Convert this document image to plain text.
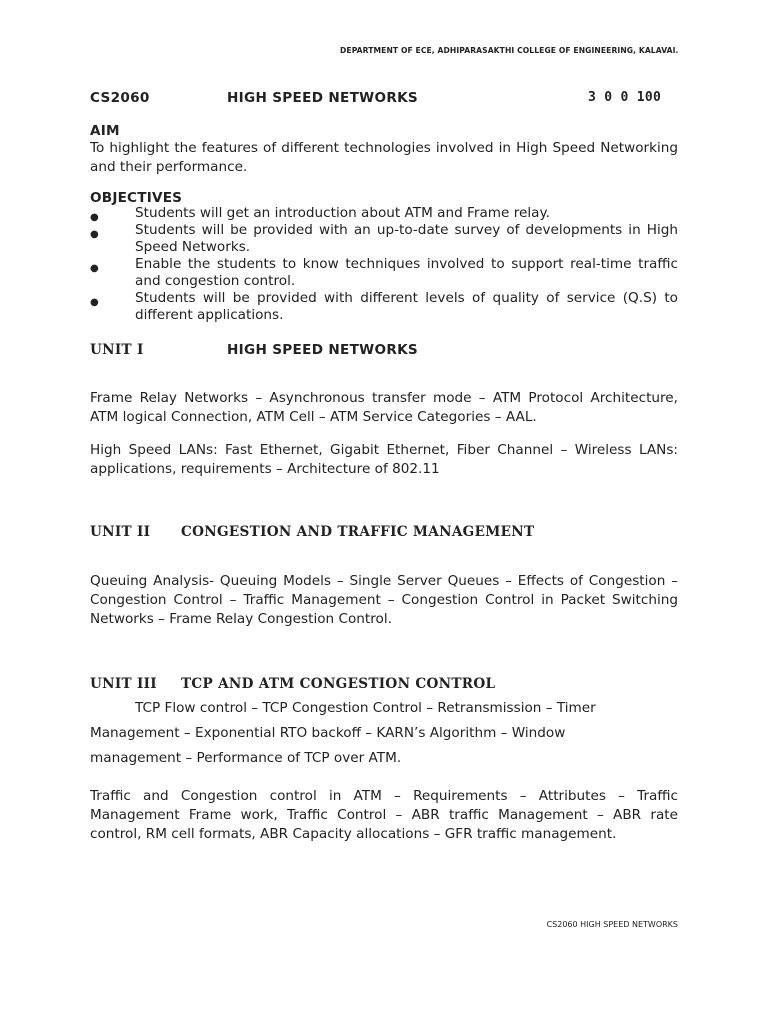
DEPARTMENT OF ECE, ADHIPARASAKTHI COLLEGE OF ENGINEERING, KALAVAI.
CS2060	HIGH SPEED NETWORKS	3 0 0 100
AIM
To highlight the features of different technologies involved in High Speed Networking and their performance.
OBJECTIVES
●	Students will get an introduction about ATM and Frame relay.
●	Students will be provided with an up-to-date survey of developments in High Speed Networks.
●	Enable the students to know techniques involved to support real-time traffic and congestion control.
●	Students will be provided with different levels of quality of service (Q.S) to different applications.
UNIT I	HIGH SPEED NETWORKS
Frame Relay Networks – Asynchronous transfer mode – ATM Protocol Architecture, ATM logical Connection, ATM Cell – ATM Service Categories – AAL.
High Speed LANs: Fast Ethernet, Gigabit Ethernet, Fiber Channel – Wireless LANs: applications, requirements – Architecture of 802.11
UNIT II CONGESTION AND TRAFFIC MANAGEMENT
Queuing Analysis- Queuing Models – Single Server Queues – Effects of Congestion – Congestion Control – Traffic Management – Congestion Control in Packet Switching Networks – Frame Relay Congestion Control.
UNIT III TCP AND ATM CONGESTION CONTROL
TCP Flow control – TCP Congestion Control – Retransmission – Timer
Management – Exponential RTO backoff – KARN’s Algorithm – Window
management – Performance of TCP over ATM.
Traffic and Congestion control in ATM – Requirements – Attributes – Traffic Management Frame work, Traffic Control – ABR traffic Management – ABR rate control, RM cell formats, ABR Capacity allocations – GFR traffic management.
CS2060 HIGH SPEED NETWORKS
